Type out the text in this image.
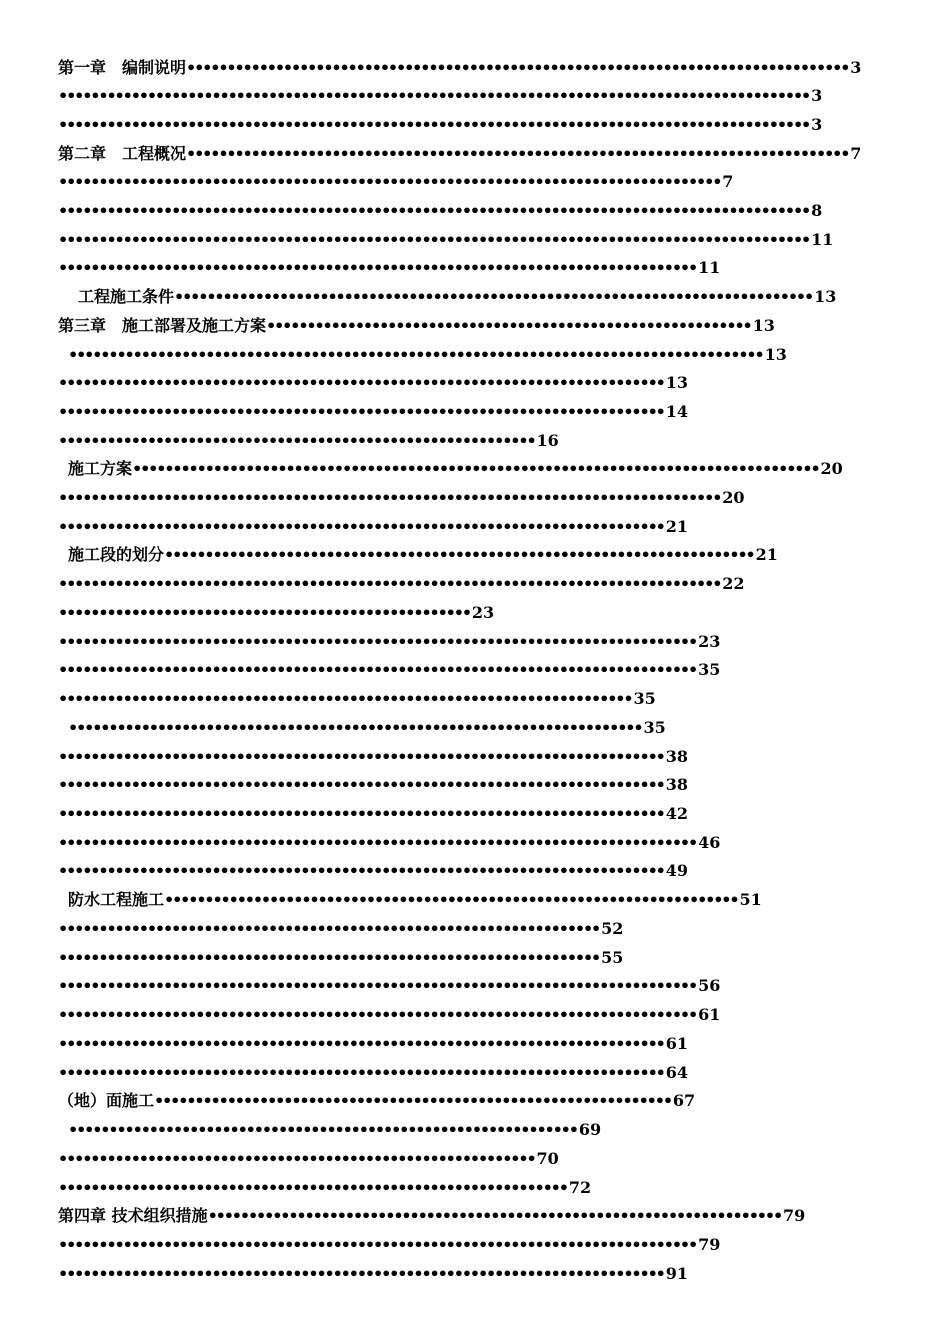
第一章　编制说明•••••••••••••••••••••••••••••••••••••••••••••••••••••••••••••••••••••••••••••••••• 3
••••••••••••••••••••••••••••••••••••••••••••••••••••••••••••••••••••••••••••••••••••••••••••• 3
••••••••••••••••••••••••••••••••••••••••••••••••••••••••••••••••••••••••••••••••••••••••••••• 3
第二章　工程概况•••••••••••••••••••••••••••••••••••••••••••••••••••••••••••••••••••••••••••••••••• 7
•••••••••••••••••••••••••••••••••••••••••••••••••••••••••••••••••••••••••••••••••• 7
••••••••••••••••••••••••••••••••••••••••••••••••••••••••••••••••••••••••••••••••••••••••••••• 8
••••••••••••••••••••••••••••••••••••••••••••••••••••••••••••••••••••••••••••••••••••••••••••• 11
••••••••••••••••••••••••••••••••••••••••••••••••••••••••••••••••••••••••••••••• 11
工程施工条件••••••••••••••••••••••••••••••••••••••••••••••••••••••••••••••••••••••••••••••• 13
第三章　施工部署及施工方案•••••••••••••••••••••••••••••••••••••••••••••••••••••••••••• 13
•••••••••••••••••••••••••••••••••••••••••••••••••••••••••••••••••••••••••••••••••••••• 13
••••••••••••••••••••••••••••••••••••••••••••••••••••••••••••••••••••••••••• 13
••••••••••••••••••••••••••••••••••••••••••••••••••••••••••••••••••••••••••• 14
••••••••••••••••••••••••••••••••••••••••••••••••••••••••••• 16
施工方案••••••••••••••••••••••••••••••••••••••••••••••••••••••••••••••••••••••••••••••••••••• 20
•••••••••••••••••••••••••••••••••••••••••••••••••••••••••••••••••••••••••••••••••• 20
••••••••••••••••••••••••••••••••••••••••••••••••••••••••••••••••••••••••••• 21
施工段的划分••••••••••••••••••••••••••••••••••••••••••••••••••••••••••••••••••••••••• 21
•••••••••••••••••••••••••••••••••••••••••••••••••••••••••••••••••••••••••••••••••• 22
••••••••••••••••••••••••••••••••••••••••••••••••••• 23
••••••••••••••••••••••••••••••••••••••••••••••••••••••••••••••••••••••••••••••• 23
••••••••••••••••••••••••••••••••••••••••••••••••••••••••••••••••••••••••••••••• 35
••••••••••••••••••••••••••••••••••••••••••••••••••••••••••••••••••••••• 35
••••••••••••••••••••••••••••••••••••••••••••••••••••••••••••••••••••••• 35
••••••••••••••••••••••••••••••••••••••••••••••••••••••••••••••••••••••••••• 38
••••••••••••••••••••••••••••••••••••••••••••••••••••••••••••••••••••••••••• 38
••••••••••••••••••••••••••••••••••••••••••••••••••••••••••••••••••••••••••• 42
••••••••••••••••••••••••••••••••••••••••••••••••••••••••••••••••••••••••••••••• 46
••••••••••••••••••••••••••••••••••••••••••••••••••••••••••••••••••••••••••• 49
防水工程施工••••••••••••••••••••••••••••••••••••••••••••••••••••••••••••••••••••••• 51
••••••••••••••••••••••••••••••••••••••••••••••••••••••••••••••••••• 52
••••••••••••••••••••••••••••••••••••••••••••••••••••••••••••••••••• 55
••••••••••••••••••••••••••••••••••••••••••••••••••••••••••••••••••••••••••••••• 56
••••••••••••••••••••••••••••••••••••••••••••••••••••••••••••••••••••••••••••••• 61
••••••••••••••••••••••••••••••••••••••••••••••••••••••••••••••••••••••••••• 61
••••••••••••••••••••••••••••••••••••••••••••••••••••••••••••••••••••••••••• 64
（地）面施工•••••••••••••••••••••••••••••••••••••••••••••••••••••••••••••••• 67
••••••••••••••••••••••••••••••••••••••••••••••••••••••••••••••• 69
••••••••••••••••••••••••••••••••••••••••••••••••••••••••••• 70
••••••••••••••••••••••••••••••••••••••••••••••••••••••••••••••• 72
第四章 技术组织措施••••••••••••••••••••••••••••••••••••••••••••••••••••••••••••••••••••••• 79
••••••••••••••••••••••••••••••••••••••••••••••••••••••••••••••••••••••••••••••• 79
••••••••••••••••••••••••••••••••••••••••••••••••••••••••••••••••••••••••••• 91
